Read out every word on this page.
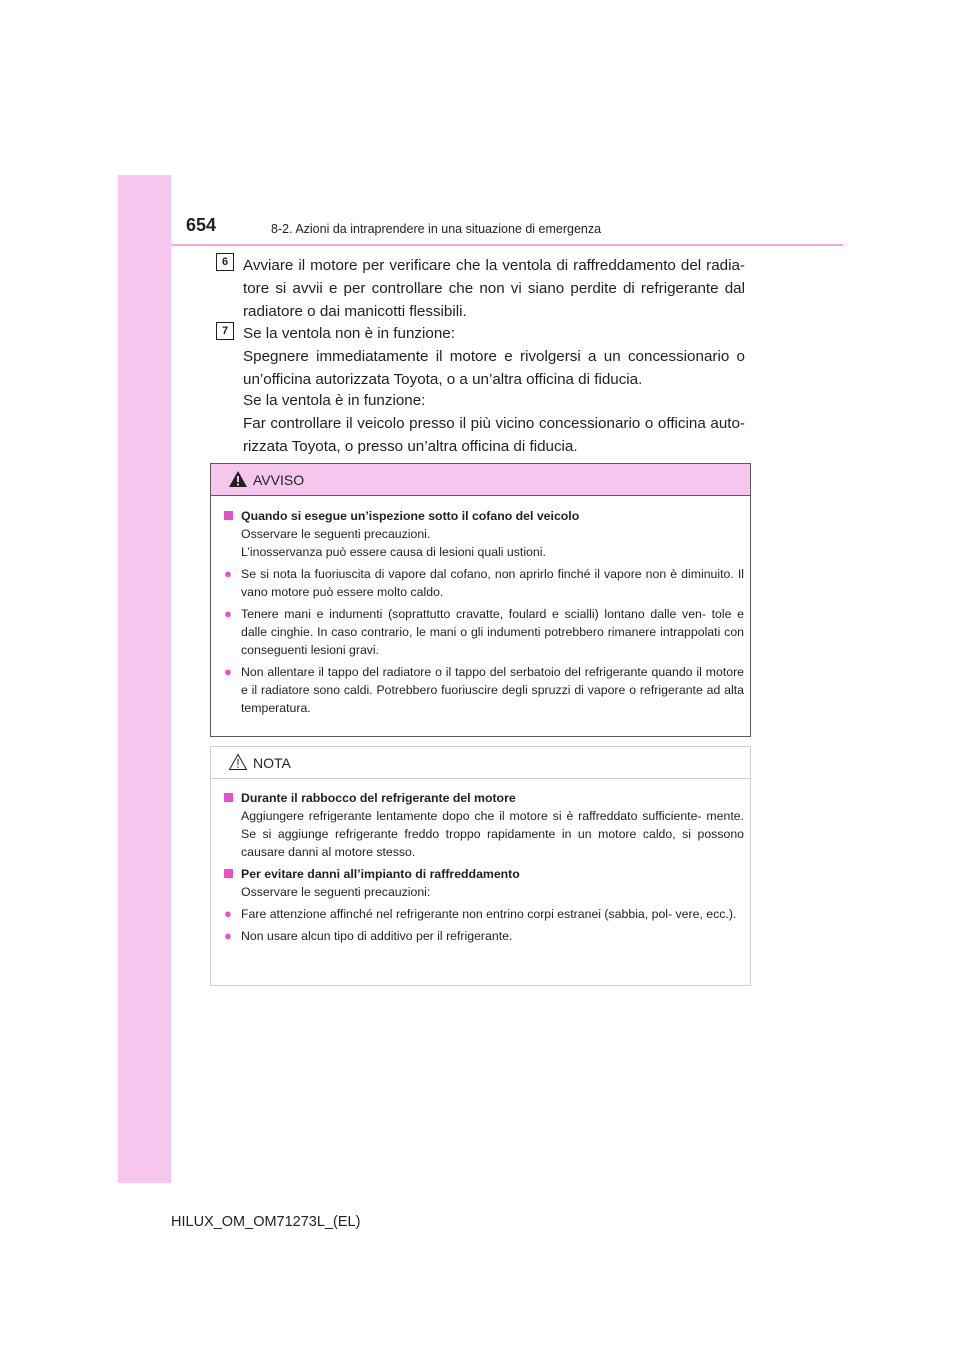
654	8-2. Azioni da intraprendere in una situazione di emergenza
6 Avviare il motore per verificare che la ventola di raffreddamento del radia- tore si avvii e per controllare che non vi siano perdite di refrigerante dal radiatore o dai manicotti flessibili.

7 Se la ventola non è in funzione:
Spegnere immediatamente il motore e rivolgersi a un concessionario o un’officina autorizzata Toyota, o a un’altra officina di fiducia.

Se la ventola è in funzione:
Far controllare il veicolo presso il più vicino concessionario o officina auto- rizzata Toyota, o presso un’altra officina di fiducia.

AVVISO
Quando si esegue un’ispezione sotto il cofano del veicolo

Osservare le seguenti precauzioni.

L’inosservanza può essere causa di lesioni quali ustioni.

● Se si nota la fuoriuscita di vapore dal cofano, non aprirlo finché il vapore non è diminuito. Il vano motore può essere molto caldo.

● Tenere mani e indumenti (soprattutto cravatte, foulard e scialli) lontano dalle ven- tole e dalle cinghie. In caso contrario, le mani o gli indumenti potrebbero rimanere intrappolati con conseguenti lesioni gravi.

● Non allentare il tappo del radiatore o il tappo del serbatoio del refrigerante quando il motore e il radiatore sono caldi. Potrebbero fuoriuscire degli spruzzi di vapore o refrigerante ad alta temperatura.

NOTA
Durante il rabbocco del refrigerante del motore

Aggiungere refrigerante lentamente dopo che il motore si è raffreddato sufficiente- mente. Se si aggiunge refrigerante freddo troppo rapidamente in un motore caldo, si possono causare danni al motore stesso.

Per evitare danni all’impianto di raffreddamento

Osservare le seguenti precauzioni:

● Fare attenzione affinché nel refrigerante non entrino corpi estranei (sabbia, pol- vere, ecc.).

● Non usare alcun tipo di additivo per il refrigerante.

HILUX_OM_OM71273L_(EL)
